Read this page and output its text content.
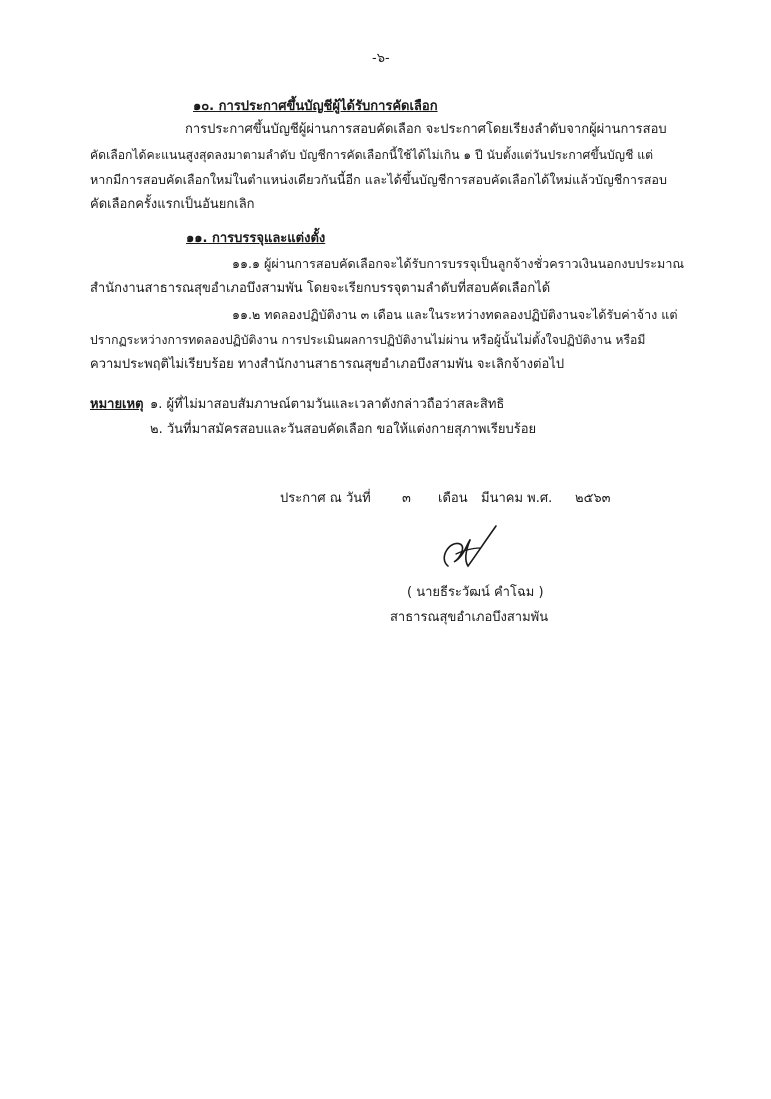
-๖-
๑๐. การประกาศขึ้นบัญชีผู้ได้รับการคัดเลือก
การประกาศขึ้นบัญชีผู้ผ่านการสอบคัดเลือก จะประกาศโดยเรียงลำดับจากผู้ผ่านการสอบ
คัดเลือกได้คะแนนสูงสุดลงมาตามลำดับ บัญชีการคัดเลือกนี้ใช้ได้ไม่เกิน ๑ ปี นับตั้งแต่วันประกาศขึ้นบัญชี แต่
หากมีการสอบคัดเลือกใหม่ในตำแหน่งเดียวกันนี้อีก และได้ขึ้นบัญชีการสอบคัดเลือกได้ใหม่แล้วบัญชีการสอบ
คัดเลือกครั้งแรกเป็นอันยกเลิก
๑๑. การบรรจุและแต่งตั้ง
๑๑.๑ ผู้ผ่านการสอบคัดเลือกจะได้รับการบรรจุเป็นลูกจ้างชั่วคราวเงินนอกงบประมาณ
สำนักงานสาธารณสุขอำเภอบึงสามพัน โดยจะเรียกบรรจุตามลำดับที่สอบคัดเลือกได้
๑๑.๒ ทดลองปฏิบัติงาน ๓ เดือน และในระหว่างทดลองปฏิบัติงานจะได้รับค่าจ้าง แต่
ปรากฏระหว่างการทดลองปฏิบัติงาน การประเมินผลการปฏิบัติงานไม่ผ่าน หรือผู้นั้นไม่ตั้งใจปฏิบัติงาน หรือมี
ความประพฤติไม่เรียบร้อย ทางสำนักงานสาธารณสุขอำเภอบึงสามพัน จะเลิกจ้างต่อไป
หมายเหตุ ๑. ผู้ที่ไม่มาสอบสัมภาษณ์ตามวันและเวลาดังกล่าวถือว่าสละสิทธิ
๒. วันที่มาสมัครสอบและวันสอบคัดเลือก ขอให้แต่งกายสุภาพเรียบร้อย
ประกาศ ณ วันที่ ๓ เดือน มีนาคม พ.ศ. ๒๕๖๓
( นายธีระวัฒน์ คำโฉม )
สาธารณสุขอำเภอบึงสามพัน
